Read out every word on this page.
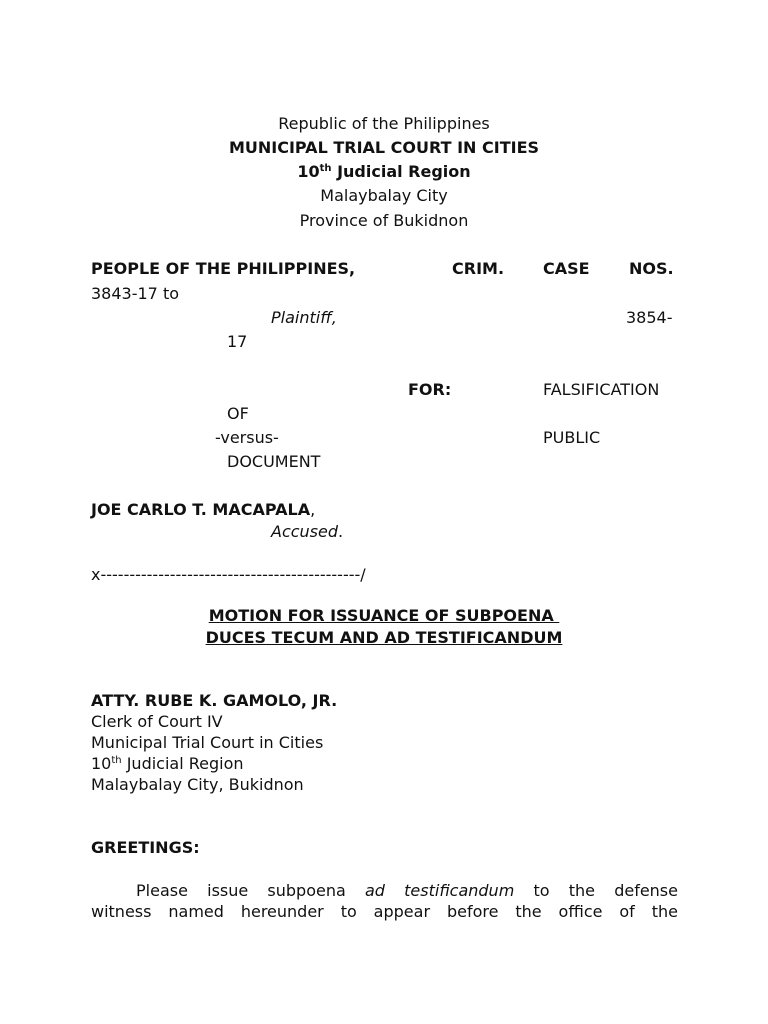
Republic of the Philippines
MUNICIPAL TRIAL COURT IN CITIES
10th Judicial Region
Malaybalay City
Province of Bukidnon
PEOPLE OF THE PHILIPPINES,	CRIM. CASE NOS.
3843-17 to
Plaintiff,	3854-
17
FOR:	FALSIFICATION
OF
-versus-	PUBLIC
DOCUMENT
JOE CARLO T. MACAPALA,
Accused.
x---------------------------------------------/
MOTION FOR ISSUANCE OF SUBPOENA
DUCES TECUM AND AD TESTIFICANDUM
ATTY. RUBE K. GAMOLO, JR.
Clerk of Court IV
Municipal Trial Court in Cities
10th Judicial Region
Malaybalay City, Bukidnon
GREETINGS:
Please issue subpoena ad testificandum to the defense
witness named hereunder to appear before the office of the
